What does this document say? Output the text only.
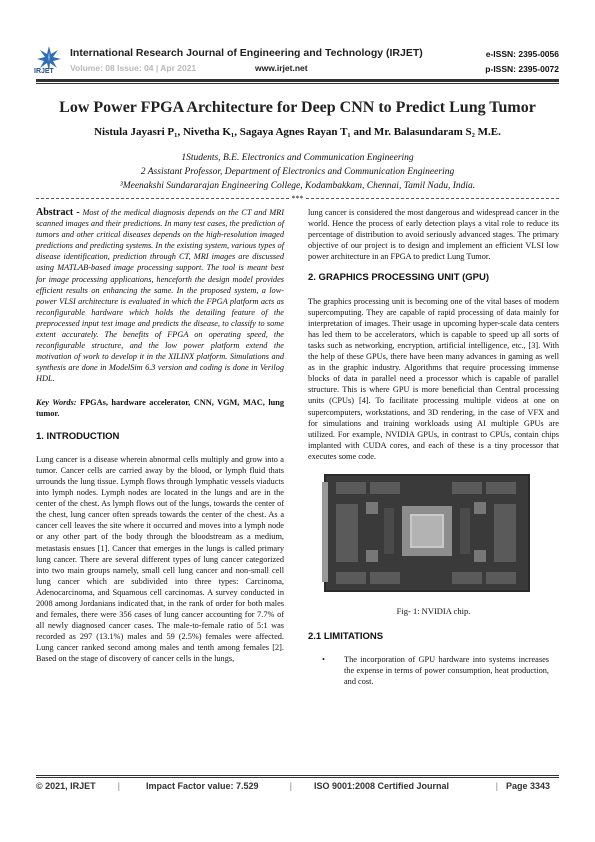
IRJET
International Research Journal of Engineering and Technology (IRJET)
Volume: 08 Issue: 04 | Apr 2021	www.irjet.net
e-ISSN: 2395-0056
p-ISSN: 2395-0072
Low Power FPGA Architecture for Deep CNN to Predict Lung Tumor
Nistula Jayasri P₁, Nivetha K₁, Sagaya Agnes Rayan T₁ and Mr. Balasundaram S₂ M.E.
1Students, B.E. Electronics and Communication Engineering
2 Assistant Professor, Department of Electronics and Communication Engineering
³Meenakshi Sundararajan Engineering College, Kodambakkam, Chennai, Tamil Nadu, India.
***

Abstract - Most of the medical diagnosis depends on the CT and MRI scanned images and their predictions. In many test cases, the prediction of tumors and other critical diseases depends on the high-resolution imaged predictions and predicting systems. In the existing system, various types of disease identification, prediction through CT, MRI images are discussed using MATLAB-based image processing support. The tool is meant best for image processing applications, henceforth the design model provides efficient results on enhancing the same. In the proposed system, a low-power VLSI architecture is evaluated in which the FPGA platform acts as reconfigurable hardware which holds the detailing feature of the preprocessed input test image and predicts the disease, to classify to some extent accurately. The benefits of FPGA on operating speed, the reconfigurable structure, and the low power platform extend the motivation of work to develop it in the XILINX platform. Simulations and synthesis are done in ModelSim 6.3 version and coding is done in Verilog HDL.

Key Words: FPGAs, hardware accelerator, CNN, VGM, MAC, lung tumor.

1. INTRODUCTION

Lung cancer is a disease wherein abnormal cells multiply and grow into a tumor. Cancer cells are carried away by the blood, or lymph fluid thats urrounds the lung tissue. Lymph flows through lymphatic vessels viaducts into lymph nodes. Lymph nodes are located in the lungs and are in the center of the chest. As lymph flows out of the lungs, towards the center of the chest, lung cancer often spreads towards the center of the chest. As a cancer cell leaves the site where it occurred and moves into a lymph node or any other part of the body through the bloodstream as a medium, metastasis ensues [1]. Cancer that emerges in the lungs is called primary lung cancer. There are several different types of lung cancer categorized into two main groups namely, small cell lung cancer and non-small cell lung cancer which are subdivided into three types: Carcinoma, Adenocarcinoma, and Squamous cell carcinomas. A survey conducted in 2008 among Jordanians indicated that, in the rank of order for both males and females, there were 356 cases of lung cancer accounting for 7.7% of all newly diagnosed cancer cases. The male-to-female ratio of 5:1 was recorded as 297 (13.1%) males and 59 (2.5%) females were affected. Lung cancer ranked second among males and tenth among females [2]. Based on the stage of discovery of cancer cells in the lungs,

lung cancer is considered the most dangerous and widespread cancer in the world. Hence the process of early detection plays a vital role to reduce its percentage of distribution to avoid seriously advanced stages. The primary objective of our project is to design and implement an efficient VLSI low power architecture in an FPGA to predict Lung Tumor.

2. GRAPHICS PROCESSING UNIT (GPU)

The graphics processing unit is becoming one of the vital bases of modern supercomputing. They are capable of rapid processing of data mainly for interpretation of images. Their usage in upcoming hyper-scale data centers has led them to be accelerators, which is capable to speed up all sorts of tasks such as networking, encryption, artificial intelligence, etc., [3]. With the help of these GPUs, there have been many advances in gaming as well as in the graphic industry. Algorithms that require processing immense blocks of data in parallel need a processor which is capable of parallel structure. This is where GPU is more beneficial than Central processing units (CPUs) [4]. To facilitate processing multiple videos at one on supercomputers, workstations, and 3D rendering, in the case of VFX and for simulations and training workloads using AI multiple GPUs are utilized. For example, NVIDIA GPUs, in contrast to CPUs, contain chips implanted with CUDA cores, and each of these is a tiny processor that executes some code.

Fig- 1: NVIDIA chip.
2.1 LIMITATIONS
• The incorporation of GPU hardware into systems increases the expense in terms of power consumption, heat production, and cost.
© 2021, IRJET |	Impact Factor value: 7.529	| ISO 9001:2008 Certified Journal	| Page 3343
